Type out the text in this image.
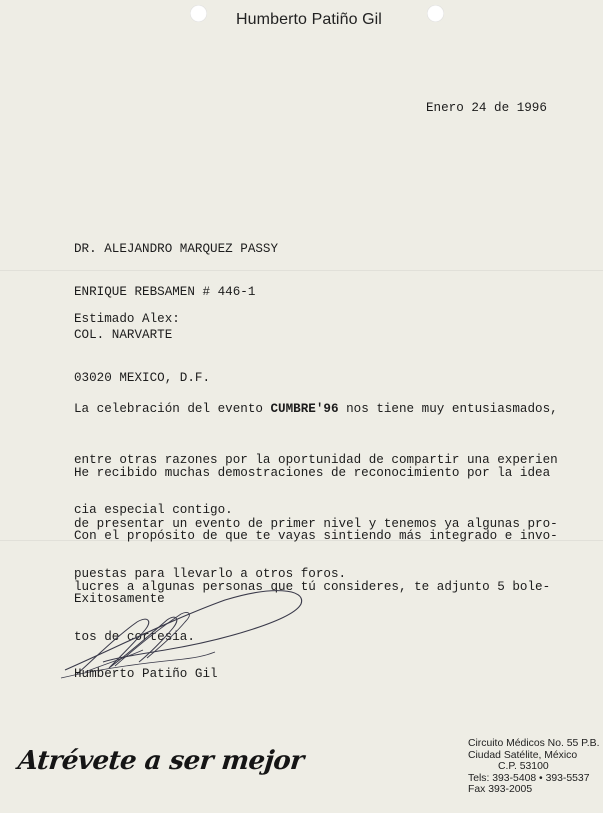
Humberto Patiño Gil
Enero 24 de 1996

DR. ALEJANDRO MARQUEZ PASSY

ENRIQUE REBSAMEN # 446-1

COL. NARVARTE

03020 MEXICO, D.F.

Estimado Alex:

La celebración del evento CUMBRE'96 nos tiene muy entusiasmados,

entre otras razones por la oportunidad de compartir una experien

cia especial contigo.

He recibido muchas demostraciones de reconocimiento por la idea

de presentar un evento de primer nivel y tenemos ya algunas pro-

puestas para llevarlo a otros foros.

Con el propósito de que te vayas sintiendo más integrado e invo-

lucres a algunas personas que tú consideres, te adjunto 5 bole-

tos de cortesia.

Exitosamente
Humberto Patiño Gil
Atrévete a ser mejor
Circuito Médicos No. 55 P.B.
Ciudad Satélite, México
C.P. 53100
Tels: 393-5408 • 393-5537
Fax 393-2005
